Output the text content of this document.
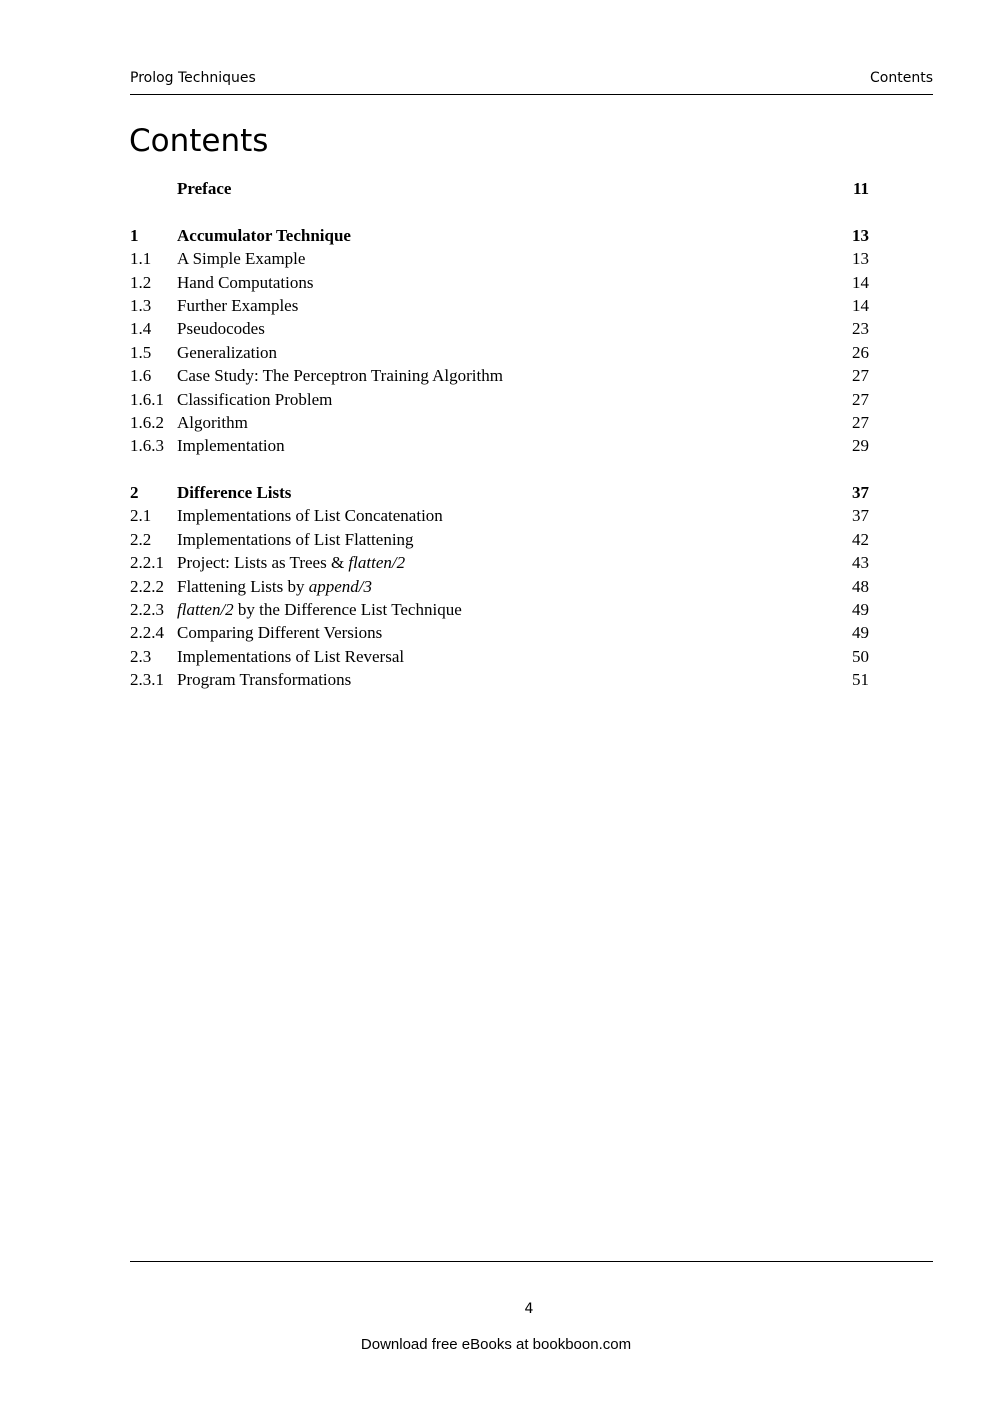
Prolog Techniques	Contents
Contents
Preface	11
1 Accumulator Technique	13
1.1 A Simple Example	13
1.2 Hand Computations	14
1.3 Further Examples	14
1.4 Pseudocodes	23
1.5 Generalization	26
1.6 Case Study: The Perceptron Training Algorithm	27
1.6.1 Classification Problem	27
1.6.2 Algorithm	27
1.6.3 Implementation	29
2 Difference Lists	37
2.1 Implementations of List Concatenation	37
2.2 Implementations of List Flattening	42
2.2.1 Project: Lists as Trees & flatten/2	43
2.2.2 Flattening Lists by append/3	48
2.2.3 flatten/2 by the Difference List Technique	49
2.2.4 Comparing Different Versions	49
2.3 Implementations of List Reversal	50
2.3.1 Program Transformations	51
4
Download free eBooks at bookboon.com
